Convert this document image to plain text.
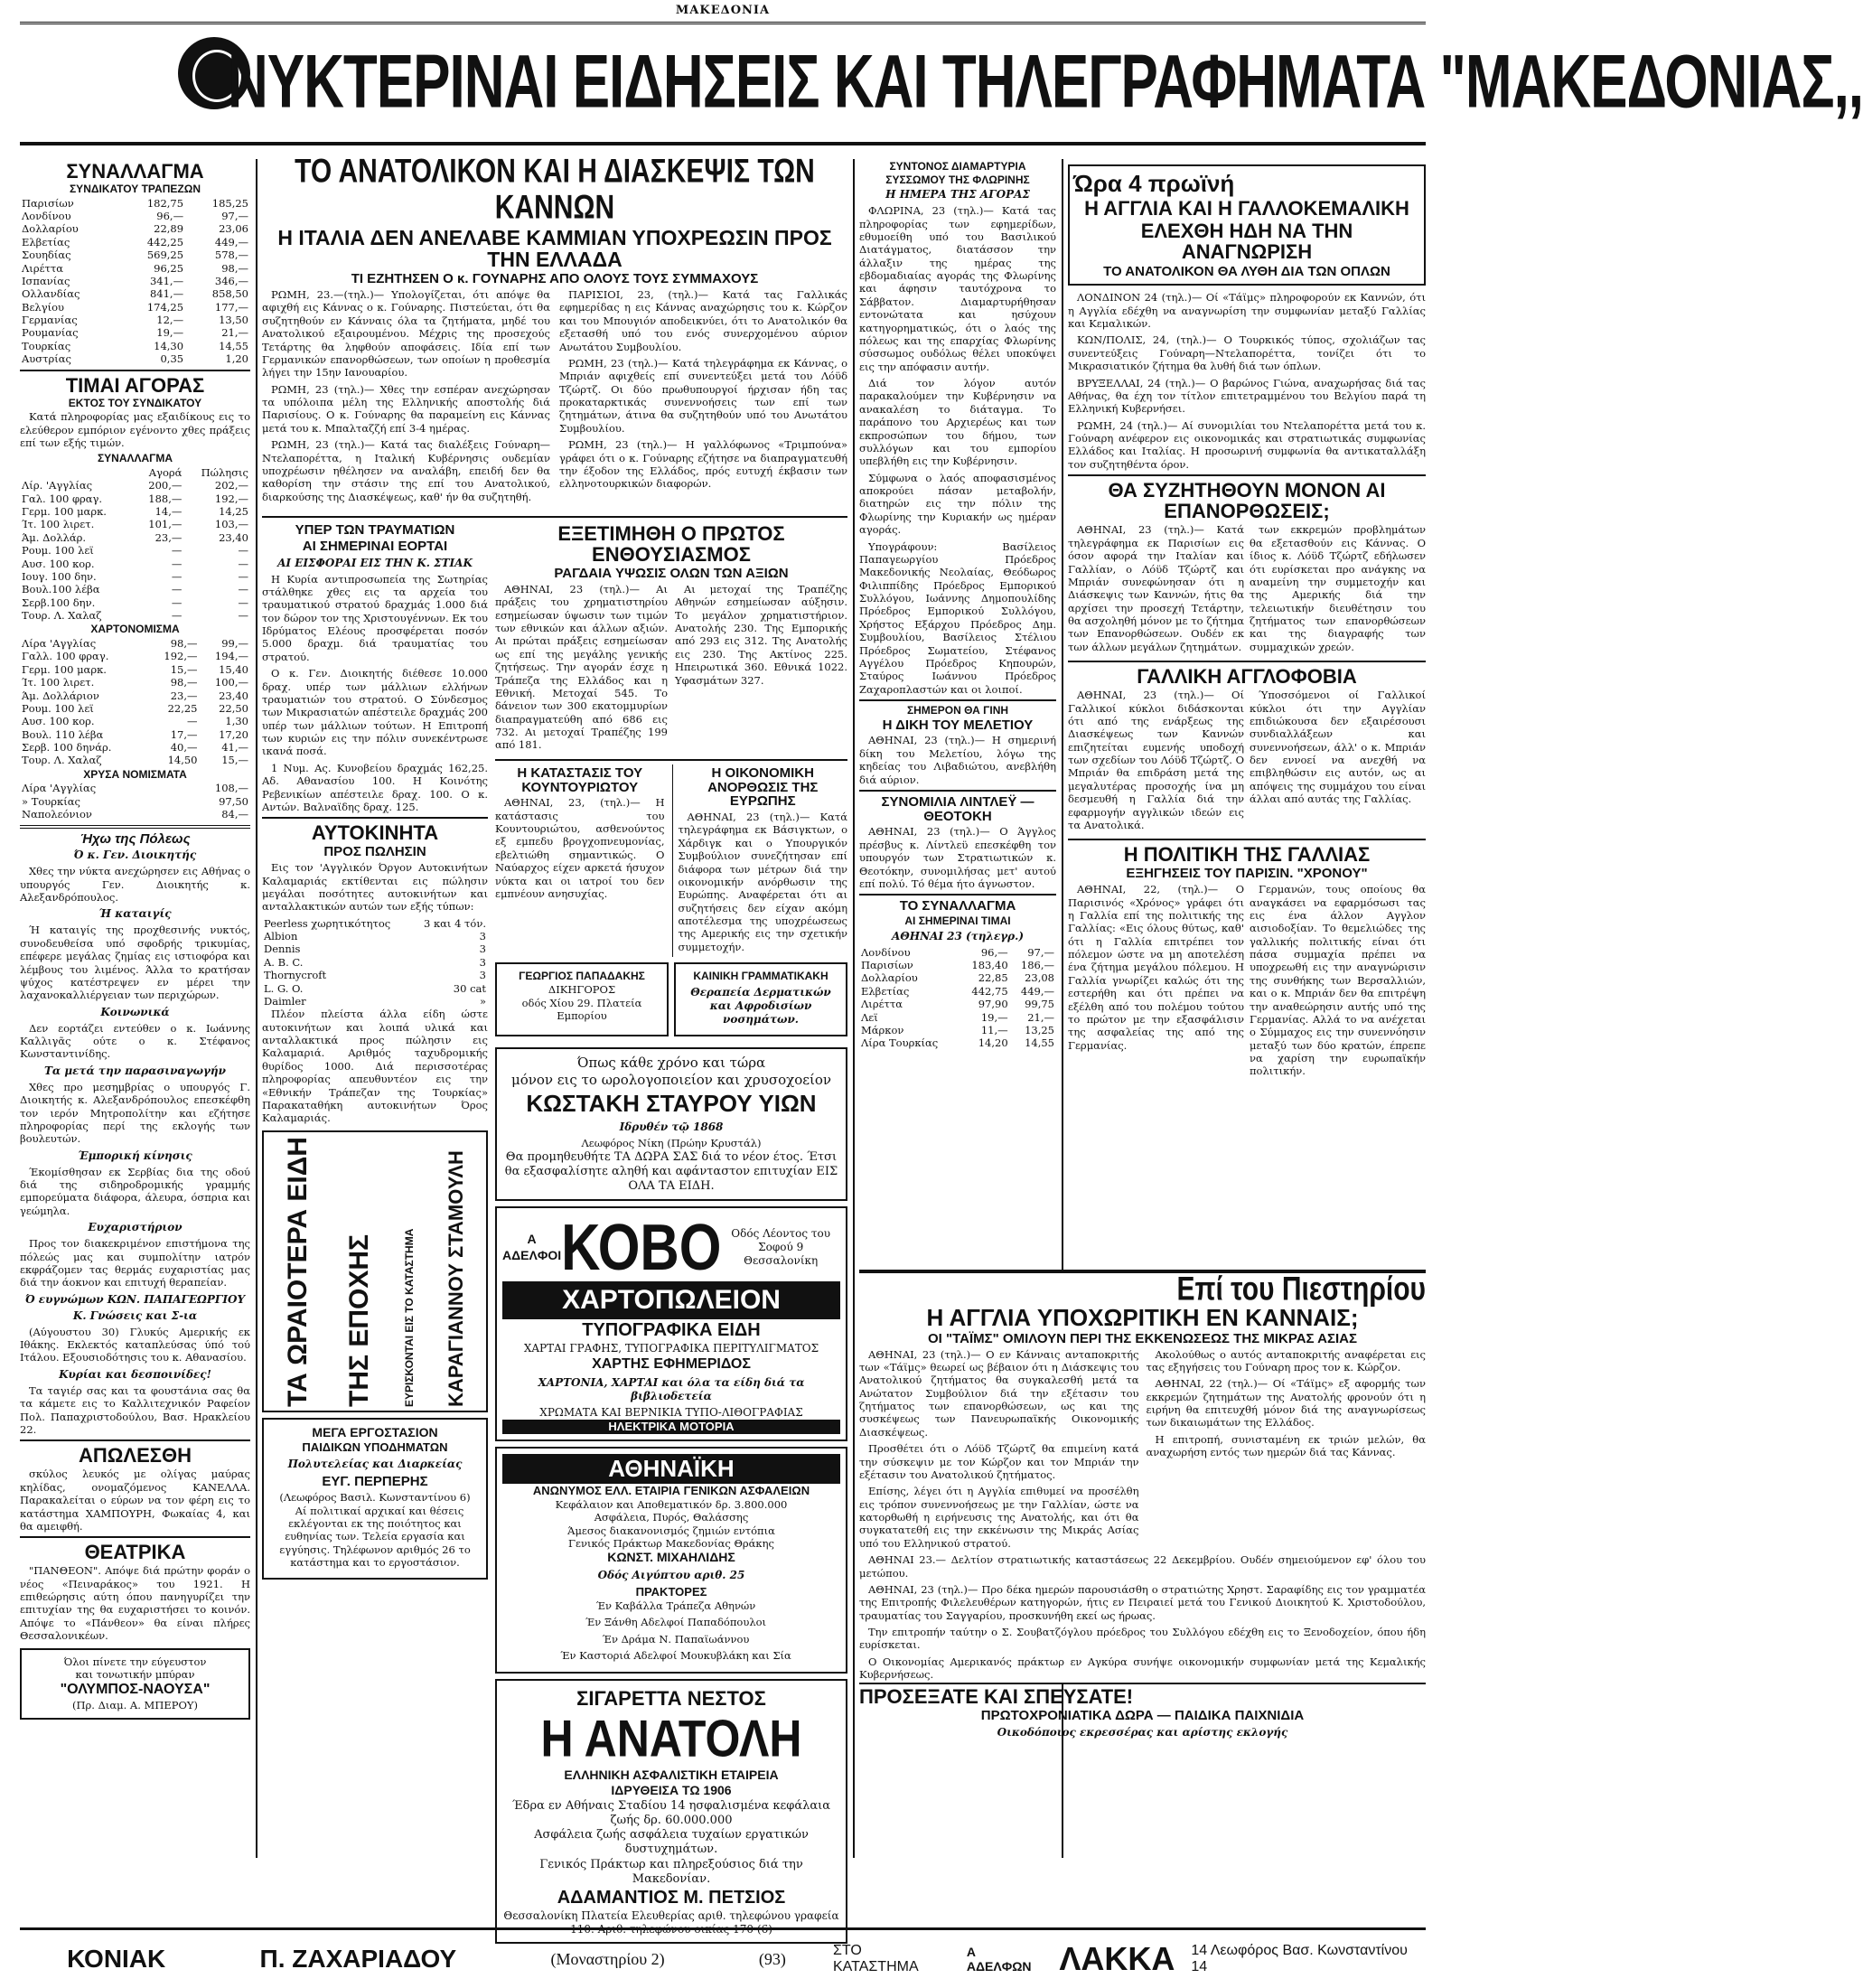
ΜΑΚΕΔΟΝΙΑ
ΝΥΚΤΕΡΙΝΑΙ ΕΙΔΗΣΕΙΣ ΚΑΙ ΤΗΛΕΓΡΑΦΗΜΑΤΑ "ΜΑΚΕΔΟΝΙΑΣ,,
ΣΥΝΑΛΛΑΓΜΑ
ΣΥΝΔΙΚΑΤΟΥ ΤΡΑΠΕΖΩΝ
Παρισίων	182,75	185,25
Λονδίνου	96,—	97,—
Δολλαρίου	22,89	23,06
Ελβετίας	442,25	449,—
Σουηδίας	569,25	578,—
Λιρέττα	96,25	98,—
Ισπανίας	341,—	346,—
Ολλανδίας	841,—	858,50
Βελγίου	174,25	177,—
Γερμανίας	12,—	13,50
Ρουμανίας	19,—	21,—
Τουρκίας	14,30	14,55
Αυστρίας	0,35	1,20
ΤΙΜΑΙ ΑΓΟΡΑΣ
ΕΚΤΟΣ ΤΟΥ ΣΥΝΔΙΚΑΤΟΥ

Κατά πληροφορίας μας εξαιδίκους εις το ελεύθερον εμπόριον εγένοντο χθες πράξεις επί των εξής τιμών.

ΣΥΝΑΛΛΑΓΜΑ
	Αγορά	Πώλησις
Λίρ. 'Αγγλίας	200,—	202,—
Γαλ. 100 φραγ.	188,—	192,—
Γερμ. 100 μαρκ.	14,—	14,25
Ίτ. 100 λιρετ.	101,—	103,—
Άμ. Δολλάρ.	23,—	23,40
Ρουμ. 100 λεϊ	—	—
Αυσ. 100 κορ.	—	—
Ιουγ. 100 δην.	—	—
Βουλ.100 λέβα	—	—
Σερβ.100 δην.	—	—
Τουρ. Λ. Χαλαζ	—	—
ΧΑΡΤΟΝΟΜΙΣΜΑ
Λίρα 'Αγγλίας	98,—	99,—
Γαλλ. 100 φραγ.	192,—	194,—
Γερμ. 100 μαρκ.	15,—	15,40
Ίτ. 100 λιρετ.	98,—	100,—
Άμ. Δολλάριον	23,—	23,40
Ρουμ. 100 λεϊ	22,25	22,50
Αυσ. 100 κορ.	—	1,30
Βουλ. 110 λέβα	17,—	17,20
Σερβ. 100 δηνάρ.	40,—	41,—
Τουρ. Λ. Χαλαζ	14,50	15,—
ΧΡΥΣΑ ΝΟΜΙΣΜΑΤΑ
Λίρα 'Αγγλίας	108,—
» Τουρκίας	97,50
Ναπολεόνιον	84,—
Ήχω της Πόλεως
Ό κ. Γεν. Διοικητής

Χθες την νύκτα ανεχώρησεν εις Αθήνας ο υπουργός Γεν. Διοικητής κ. Αλεξανδρόπουλος.

Ή καταιγίς

Ή καταιγίς της προχθεσινής νυκτός, συνοδευθείσα υπό σφοδρής τρικυμίας, επέφερε μεγάλας ζημίας εις ιστιοφόρα και λέμβους του λιμένος. Άλλα το κρατήσαν ψύχος κατέστρεψεν εν μέρει την λαχανοκαλλιέργειαν των περιχώρων.

Κοινωνικά

Δεν εορτάζει εντεύθεν ο κ. Ιωάννης Καλλιγᾶς ούτε ο κ. Στέφανος Κωνσταντινίδης.

Τα μετά την παρασιναγωγήν

Χθες προ μεσημβρίας ο υπουργός Γ. Διοικητής κ. Αλεξανδρόπουλος επεσκέφθη τον ιερόν Μητροπολίτην και εζήτησε πληροφορίας περί της εκλογής των βουλευτών.

Έμπορική κίνησις

Έκομίσθησαν εκ Σερβίας δια της οδού διά της σιδηροδρομικής γραμμής εμπορεύματα διάφορα, άλευρα, όσπρια και γεώμηλα.

Ευχαριστήριον

Προς τον διακεκριμένον επιστήμονα της πόλεώς μας και συμπολίτην ιατρόν εκφράζομεν τας θερμάς ευχαριστίας μας διά την άοκνον και επιτυχή θεραπείαν.

Ό ευγνώμων ΚΩΝ. ΠΑΠΑΓΕΩΡΓΙΟΥ
Κ. Γνώσεις και Σ-ια

(Αύγουστου 30) Γλυκύς Αμερικής εκ Ιθάκης. Εκλεκτός καταπλεύσας ύπό τού Ιτάλου. Εξουσιοδότησις του κ. Αθανασίου.

Κυρίαι και δεσποινίδες!

Τα ταγιέρ σας και τα φουστάνια σας θα τα κάμετε εις το Καλλιτεχνικόν Ραφείον Πολ. Παπαχριστοδούλου, Βασ. Ηρακλείου 22.

ΑΠΩΛΕΣΘΗ

σκύλος λευκός με ολίγας μαύρας κηλίδας, ονομαζόμενος ΚΑΝΕΛΛΑ. Παρακαλείται ο εύρων να τον φέρη εις το κατάστημα ΧΑΜΠΟΥΡΗ, Φωκαίας 4, και θα αμειφθή.

ΘΕΑΤΡΙΚΑ

"ΠΑΝΘΕΟΝ". Απόψε διά πρώτην φοράν ο νέος «Πειναράκος» του 1921. Η επιθεώρησις αύτη όπου πανηγυρίζει την επιτυχίαν της θα ευχαριστήσει το κοινόν. Απόψε το «Πάνθεον» θα είναι πλήρες Θεσσαλονικέων.

Όλοι πίνετε την εύγευστον
και τονωτικήν μπύραν
"ΟΛΥΜΠΟΣ-ΝΑΟΥΣΑ"
(Πρ. Διαμ. Α. ΜΠΕΡΟΥ)
ΤΟ ΑΝΑΤΟΛΙΚΟΝ ΚΑΙ Η ΔΙΑΣΚΕΨΙΣ ΤΩΝ ΚΑΝΝΩΝ
Η ΙΤΑΛΙΑ ΔΕΝ ΑΝΕΛΑΒΕ ΚΑΜΜΙΑΝ ΥΠΟΧΡΕΩΣΙΝ ΠΡΟΣ ΤΗΝ ΕΛΛΑΔΑ
ΤΙ ΕΖΗΤΗΣΕΝ Ο κ. ΓΟΥΝΑΡΗΣ ΑΠΟ ΟΛΟΥΣ ΤΟΥΣ ΣΥΜΜΑΧΟΥΣ

ΡΩΜΗ, 23.—(τηλ.)— Υπολογίζεται, ότι απόψε θα αφιχθή εις Κάννας ο κ. Γούναρης. Πιστεύεται, ότι θα συζητηθούν εν Κάνναις όλα τα ζητήματα, μηδέ του Ανατολικού εξαιρουμένου. Μέχρις της προσεχούς Τετάρτης θα ληφθούν αποφάσεις. Ιδία επί των Γερμανικών επανορθώσεων, των οποίων η προθεσμία λήγει την 15ην Ιανουαρίου.

ΡΩΜΗ, 23 (τηλ.)— Χθες την εσπέραν ανεχώρησαν τα υπόλοιπα μέλη της Ελληνικής αποστολής διά Παρισίους. Ο κ. Γούναρης θα παραμείνη εις Κάννας μετά του κ. Μπαλταζζή επί 3-4 ημέρας.

ΡΩΜΗ, 23 (τηλ.)— Κατά τας διαλέξεις Γούναρη—Ντελαπορέττα, η Ιταλική Κυβέρνησις ουδεμίαν υποχρέωσιν ηθέλησεν να αναλάβη, επειδή δεν θα καθορίση την στάσιν της επί του Ανατολικού, διαρκούσης της Διασκέψεως, καθ' ήν θα συζητηθή.

ΠΑΡΙΣΙΟΙ, 23, (τηλ.)— Κατά τας Γαλλικάς εφημερίδας η εις Κάννας αναχώρησις του κ. Κώρζον και του Μπουγιόν αποδεικνύει, ότι το Ανατολικόν θα εξετασθή υπό του ενός συνερχομένου αύριον Ανωτάτου Συμβουλίου.

ΡΩΜΗ, 23 (τηλ.)— Κατά τηλεγράφημα εκ Κάννας, ο Μπριάν αφιχθείς επί συνεντεύξει μετά του Λόϋδ Τζώρτζ. Οι δύο πρωθυπουργοί ήρχισαν ήδη τας προκαταρκτικάς συνεννοήσεις των επί των ζητημάτων, άτινα θα συζητηθούν υπό του Ανωτάτου Συμβουλίου.

ΡΩΜΗ, 23 (τηλ.)— Η γαλλόφωνος «Τριμπούνα» γράφει ότι ο κ. Γούναρης εζήτησε να διαπραγματευθή την έξοδον της Ελλάδος, πρός ευτυχή έκβασιν των ελληνοτουρκικών διαφορών.

ΥΠΕΡ ΤΩΝ ΤΡΑΥΜΑΤΙΩΝ
ΑΙ ΣΗΜΕΡΙΝΑΙ ΕΟΡΤΑΙ
ΑΙ ΕΙΣΦΟΡΑΙ ΕΙΣ ΤΗΝ Κ. ΣΤΙΑΚ

Η Κυρία αντιπροσωπεία της Σωτηρίας στάλθηκε χθες εις τα αρχεία του τραυματικού στρατού δραχμάς 1.000 διά τον δώρον τον της Χριστουγέννων. Εκ του Ιδρύματος Ελέους προσφέρεται ποσόν 5.000 δραχμ. διά τραυματίας του στρατού.

Ο κ. Γεν. Διοικητής διέθεσε 10.000 δραχ. υπέρ των μάλλιων ελλήνων τραυματιών του στρατού. Ο Σύνδεσμος των Μικρασιατών απέστειλε δραχμάς 200 υπέρ των μάλλιων τούτων. Η Επιτροπή των κυριών εις την πόλιν συνεκέντρωσε ικανά ποσά.

1 Νυμ. Ας. Κυνοβείου δραχμάς 162,25. Αδ. Αθανασίου 100. Η Κοινότης Ρεβενικίων απέστειλε δραχ. 100. Ο κ. Αντών. Βαλναϊδης δραχ. 125.

ΑΥΤΟΚΙΝΗΤΑ
ΠΡΟΣ ΠΩΛΗΣΙΝ

Εις τον 'Αγγλικόν Όργον Αυτοκινήτων Καλαμαριάς εκτίθενται εις πώλησιν μεγάλαι ποσότητες αυτοκινήτων και ανταλλακτικών αυτών των εξής τύπων:

Peerless χωρητικότητος	3 και 4 τόν.
Albion	3
Dennis	3
A. B. C.	3
Thornycroft	3
L. G. O.	30 cat
Daimler	»

Πλέον πλείστα άλλα είδη ώστε αυτοκινήτων και λοιπά υλικά και ανταλλακτικά προς πώλησιν εις Καλαμαριά. Αριθμός ταχυδρομικής θυρίδος 1000. Διά περισσοτέρας πληροφορίας απευθυντέον εις την «Εθνικήν Τράπεζαν της Τουρκίας» Παρακαταθήκη αυτοκινήτων Όρος Καλαμαριάς.

ΤΑ ΩΡΑΙΟΤΕΡΑ ΕΙΔΗ ΤΗΣ ΕΠΟΧΗΣ	ΕΥΡΙΣΚΟΝΤΑΙ ΕΙΣ ΤΟ ΚΑΤΑΣΤΗΜΑ ΚΑΡΑΓΙΑΝΝΟΥ ΣΤΑΜΟΥΛΗ
ΜΕΓΑ ΕΡΓΟΣΤΑΣΙΟΝ
ΠΑΙΔΙΚΩΝ ΥΠΟΔΗΜΑΤΩΝ
Πολυτελείας και Διαρκείας
ΕΥΓ. ΠΕΡΠΕΡΗΣ
(Λεωφόρος Βασιλ. Κωνσταντίνου 6)

Αί πολιτικαί αρχικαί και θέσεις εκλέγονται εκ της ποιότητος και ευθηνίας των. Τελεία εργασία και εγγύησις. Τηλέφωνον αριθμός 26 το κατάστημα και το εργοστάσιον.

ΕΞΕΤΙΜΗΘΗ Ο ΠΡΩΤΟΣ ΕΝΘΟΥΣΙΑΣΜΟΣ
ΡΑΓΔΑΙΑ ΥΨΩΣΙΣ ΟΛΩΝ ΤΩΝ ΑΞΙΩΝ

ΑΘΗΝΑΙ, 23 (τηλ.)— Αι πράξεις του χρηματιστηρίου εσημείωσαν ύψωσιν των τιμών των εθνικών και άλλων αξιών. Αι πρώται πράξεις εσημείωσαν ως επί της μεγάλης γενικής ζητήσεως. Την αγοράν έσχε η Τράπεζα της Ελλάδος και η Εθνική. Μετοχαί 545. Το δάνειον των 300 εκατομμυρίων διαπραγματεύθη από 686 εις 732. Αι μετοχαί Τραπέζης 199 από 181.

Αι μετοχαί της Τραπέζης Αθηνών εσημείωσαν αύξησιν. Το μεγάλον χρηματιστήριον. Ανατολής 230. Της Εμπορικής από 293 εις 312. Της Ανατολής εις 230. Της Ακτίνος 225. Ηπειρωτικά 360. Εθνικά 1022. Υφασμάτων 327.

Η ΚΑΤΑΣΤΑΣΙΣ ΤΟΥ ΚΟΥΝΤΟΥΡΙΩΤΟΥ

ΑΘΗΝΑΙ, 23, (τηλ.)— Η κατάστασις του Κουντουριώτου, ασθενούντος εξ εμπεδυ βρογχοπνευμονίας, εβελτιώθη σημαντικώς. Ο Ναύαρχος είχεν αρκετά ήσυχον νύκτα και οι ιατροί του δεν εμπνέουν ανησυχίας.

Η ΟΙΚΟΝΟΜΙΚΗ ΑΝΟΡΘΩΣΙΣ ΤΗΣ ΕΥΡΩΠΗΣ

ΑΘΗΝΑΙ, 23 (τηλ.)— Κατά τηλεγράφημα εκ Βάσιγκτων, ο Χάρδιγκ και ο Υπουργικόν Συμβούλιον συνεζήτησαν επί διάφορα των μέτρων διά την οικονομικήν ανόρθωσιν της Ευρώπης. Αναφέρεται ότι αι συζητήσεις δεν είχαν ακόμη αποτέλεσμα της υποχρέωσεως της Αμερικής εις την σχετικήν συμμετοχήν.

ΓΕΩΡΓΙΟΣ ΠΑΠΑΔΑΚΗΣ
ΔΙΚΗΓΟΡΟΣ
οδός Χίου 29. Πλατεία Εμπορίου
ΚΑΙΝΙΚΗ ΓΡΑΜΜΑΤΙΚΑΚΗ
Θεραπεία Δερματικών και Αφροδισίων νοσημάτων.
Όπως κάθε χρόνο και τώρα
μόνον εις το ωρολογοποιείον και χρυσοχοείον
ΚΩΣΤΑΚΗ ΣΤΑΥΡΟΥ ΥΙΩΝ
Ιδρυθέν τῷ 1868
Λεωφόρος Νίκη (Πρώην Κρυστάλ)
Θα προμηθευθήτε ΤΑ ΔΩΡΑ ΣΑΣ διά το νέον έτος. Έτσι θα εξασφαλίσητε αληθή και αφάνταστον επιτυχίαν ΕΙΣ ΟΛΑ ΤΑ ΕΙΔΗ.
Α ΑΔΕΛΦΟΙ ΚΟΒΟ Οδός Λέοντος του Σοφού 9
Θεσσαλονίκη
ΧΑΡΤΟΠΩΛΕΙΟΝ
ΤΥΠΟΓΡΑΦΙΚΑ ΕΙΔΗ
ΧΑΡΤΑΙ ΓΡΑΦΗΣ, ΤΥΠΟΓΡΑΦΙΚΑ ΠΕΡΙΤΥΛΙΓΜΑΤΟΣ
ΧΑΡΤΗΣ ΕΦΗΜΕΡΙΔΟΣ
ΧΑΡΤΟΝΙΑ, ΧΑΡΤΑΙ και όλα τα είδη διά τα βιβλιοδετεία
ΧΡΩΜΑΤΑ ΚΑΙ ΒΕΡΝΙΚΙΑ ΤΥΠΟ-ΛΙΘΟΓΡΑΦΙΑΣ
ΗΛΕΚΤΡΙΚΑ ΜΟΤΟΡΙΑ
ΑΘΗΝΑΪΚΗ
ΑΝΩΝΥΜΟΣ ΕΛΛ. ΕΤΑΙΡΙΑ ΓΕΝΙΚΩΝ ΑΣΦΑΛΕΙΩΝ
Κεφάλαιον και Αποθεματικόν δρ. 3.800.000
Ασφάλεια, Πυρός, Θαλάσσης
Άμεσος διακανονισμός ζημιών εντόπια
Γενικός Πράκτωρ Μακεδονίας Θράκης
ΚΩΝΣΤ. ΜΙΧΑΗΛΙΔΗΣ
Οδός Αιγύπτου αριθ. 25
ΠΡΑΚΤΟΡΕΣ

Έν Καβάλλα Τράπεζα Αθηνών

Έν Ξάνθη Αδελφοί Παπαδόπουλοι

Έν Δράμα Ν. Παπαϊωάννου

Έν Καστοριά Αδελφοί Μουκυβλάκη και Σία

ΣΙΓΑΡΕΤΤΑ ΝΕΣΤΟΣ
Η ΑΝΑΤΟΛΗ
ΕΛΛΗΝΙΚΗ ΑΣΦΑΛΙΣΤΙΚΗ ΕΤΑΙΡΕΙΑ
ΙΔΡΥΘΕΙΣΑ ΤΩ 1906
Έδρα εν Αθήναις Σταδίου 14 ησφαλισμένα κεφάλαια ζωής δρ. 60.000.000
Ασφάλεια ζωής ασφάλεια τυχαίων εργατικών δυστυχημάτων.
Γενικός Πράκτωρ και πληρεξούσιος διά την Μακεδονίαν.
ΑΔΑΜΑΝΤΙΟΣ Μ. ΠΕΤΣΙΟΣ
Θεσσαλονίκη Πλατεία Ελευθερίας αριθ. τηλεφώνου γραφεία 110. Αριθ. τηλεφώνου οικίας 170 (6)
ΣΥΝΤΟΝΟΣ ΔΙΑΜΑΡΤΥΡΙΑ
ΣΥΣΣΩΜΟΥ ΤΗΣ ΦΛΩΡΙΝΗΣ
Η ΗΜΕΡΑ ΤΗΣ ΑΓΟΡΑΣ

ΦΛΩΡΙΝΑ, 23 (τηλ.)— Κατά τας πληροφορίας των εφημερίδων, εθυμοείθη υπό του Βασιλικού Διατάγματος, διατάσσον την άλλαξιν της ημέρας της εβδομαδιαίας αγοράς της Φλωρίνης και άφησιν ταυτόχρονα το Σάββατον. Διαμαρτυρήθησαν εντονώτατα και ησύχουν κατηγορηματικώς, ότι ο λαός της πόλεως και της επαρχίας Φλωρίνης σύσσωμος ουδόλως θέλει υποκύψει εις την απόφασιν αυτήν.

Διά τον λόγον αυτόν παρακαλούμεν την Κυβέρνησιν να ανακαλέση το διάταγμα. Το παράπονο του Αρχιερέως και των εκπροσώπων του δήμου, των συλλόγων και του εμπορίου υπεβλήθη εις την Κυβέρνησιν.

Σύμφωνα ο λαός αποφασισμένος αποκρούει πάσαν μεταβολήν, διατηρών εις την πόλιν της Φλωρίνης την Κυριακήν ως ημέραν αγοράς.

Υπογράφουν: Βασίλειος Παπαγεωργίου Πρόεδρος Μακεδονικής Νεολαίας, Θεόδωρος Φιλιππίδης Πρόεδρος Εμπορικού Συλλόγου, Ιωάννης Δημοπουλίδης Πρόεδρος Εμπορικού Συλλόγου, Χρήστος Εξάρχου Πρόεδρος Δημ. Συμβουλίου, Βασίλειος Στέλιου Πρόεδρος Σωματείου, Στέφανος Αγγέλου Πρόεδρος Κηπουρών, Σταύρος Ιωάννου Πρόεδρος Ζαχαροπλαστών και οι λοιποί.

ΣΗΜΕΡΟΝ ΘΑ ΓΙΝΗ
Η ΔΙΚΗ ΤΟΥ ΜΕΛΕΤΙΟΥ

ΑΘΗΝΑΙ, 23 (τηλ.)— Η σημερινή δίκη του Μελετίου, λόγω της κηδείας του Λιβαδιώτου, ανεβλήθη διά αύριον.

ΣΥΝΟΜΙΛΙΑ ΛΙΝΤΛΕΫ — ΘΕΟΤΟΚΗ

ΑΘΗΝΑΙ, 23 (τηλ.)— Ο Άγγλος πρέσβυς κ. Λίντλεϋ επεσκέφθη τον υπουργόν των Στρατιωτικών κ. Θεοτόκην, συνομιλήσας μετ' αυτού επί πολύ. Τό θέμα ήτο άγνωστον.

ΤΟ ΣΥΝΑΛΛΑΓΜΑ
ΑΙ ΣΗΜΕΡΙΝΑΙ ΤΙΜΑΙ
ΑΘΗΝΑΙ 23 (τηλεγρ.)
Λονδίνου	96,—	97,—
Παρισίων	183,40	186,—
Δολλαρίου	22,85	23,08
Ελβετίας	442,75	449,—
Λιρέττα	97,90	99,75
Λεϊ	19,—	21,—
Μάρκον	11,—	13,25
Λίρα Τουρκίας	14,20	14,55
Ώρα 4 πρωϊνή
Η ΑΓΓΛΙΑ ΚΑΙ Η ΓΑΛΛΟΚΕΜΑΛΙΚΗ
ΕΛΕΧΘΗ ΗΔΗ ΝΑ ΤΗΝ ΑΝΑΓΝΩΡΙΣΗ
ΤΟ ΑΝΑΤΟΛΙΚΟΝ ΘΑ ΛΥΘΗ ΔΙΑ ΤΩΝ ΟΠΛΩΝ

ΛΟΝΔΙΝΟΝ 24 (τηλ.)— Οί «Τάϊμς» πληροφορούν εκ Καννών, ότι η Αγγλία εδέχθη να αναγνωρίση την συμφωνίαν μεταξύ Γαλλίας και Κεμαλικών.

ΚΩΝ/ΠΟΛΙΣ, 24, (τηλ.)— Ο Τουρκικός τύπος, σχολιάζων τας συνεντεύξεις Γούναρη—Ντελαπορέττα, τονίζει ότι το Μικρασιατικόν ζήτημα θα λυθή διά των όπλων.

ΒΡΥΞΕΛΛΑΙ, 24 (τηλ.)— Ο βαρώνος Γιώνα, αναχωρήσας διά τας Αθήνας, θα έχη τον τίτλον επιτετραμμένου του Βελγίου παρά τη Ελληνική Κυβερνήσει.

ΡΩΜΗ, 24 (τηλ.)— Αί συνομιλίαι του Ντελαπορέττα μετά του κ. Γούναρη ανέφερον εις οικονομικάς και στρατιωτικάς συμφωνίας Ελλάδος και Ιταλίας. Η προσωρινή συμφωνία θα αντικαταλλάξη τον συζητηθέντα όρον.

ΘΑ ΣΥΖΗΤΗΘΟΥΝ ΜΟΝΟΝ ΑΙ ΕΠΑΝΟΡΘΩΣΕΙΣ;

ΑΘΗΝΑΙ, 23 (τηλ.)— Κατά τηλεγράφημα εκ Παρισίων εις όσον αφορά την Ιταλίαν και Γαλλίαν, ο Λόϋδ Τζώρτζ και Μπριάν συνεφώνησαν ότι η Διάσκεψις των Καννών, ήτις θα αρχίσει την προσεχή Τετάρτην, θα ασχοληθή μόνον με το ζήτημα των Επανορθώσεων. Ουδέν εκ των άλλων μεγάλων ζητημάτων.

των εκκρεμών προβλημάτων θα εξετασθούν εις Κάννας. Ο ίδιος κ. Λόϋδ Τζώρτζ εδήλωσεν ότι ευρίσκεται προ ανάγκης να αναμείνη την συμμετοχήν και της Αμερικής διά την τελειωτικήν διευθέτησιν του ζητήματος των επανορθώσεων και της διαγραφής των συμμαχικών χρεών.

ΓΑΛΛΙΚΗ ΑΓΓΛΟΦΟΒΙΑ

ΑΘΗΝΑΙ, 23 (τηλ.)— Οί Γαλλικοί κύκλοι διδάσκονται ότι από της ενάρξεως της Διασκέψεως των Καννών επιζητείται ευμενής υποδοχή των σχεδίων του Λόϋδ Τζώρτζ. Ο Μπριάν θα επιδράση μετά της μεγαλυτέρας προσοχής ίνα μη δεσμευθή η Γαλλία διά την εφαρμογήν αγγλικών ιδεών εις τα Ανατολικά.

Ύποσσόμενοι οί Γαλλικοί κύκλοι ότι την Αγγλίαν επιδιώκουσα δεν εξαιρέσουσι συνδιαλλάξεων και συνεννοήσεων, άλλ' ο κ. Μπριάν δεν εννοεί να ανεχθή να επιβληθώσιν εις αυτόν, ως αι απόψεις της συμμάχου του είναι άλλαι από αυτάς της Γαλλίας.

Η ΠΟΛΙΤΙΚΗ ΤΗΣ ΓΑΛΛΙΑΣ
ΕΞΗΓΗΣΕΙΣ ΤΟΥ ΠΑΡΙΣΙΝ. "ΧΡΟΝΟΥ"

ΑΘΗΝΑΙ, 22, (τηλ.)— Ο Παρισινός «Χρόνος» γράφει ότι η Γαλλία επί της πολιτικής της Γαλλίας: «Εις όλους θύτως, καθ' ότι η Γαλλία επιτρέπει τον πόλεμον ώστε να μη αποτελέση ένα ζήτημα μεγάλου πόλεμου. Η Γαλλία γνωρίζει καλώς ότι της εστερήθη και ότι πρέπει να εξέλθη από του πολέμου τούτου το πρώτον με την εξασφάλισιν της ασφαλείας της από της Γερμανίας.

Γερμανών, τους οποίους θα αναγκάσει να εφαρμόσωσι τας εις ένα άλλον Αγγλον αισιοδοξίαν. Το θεμελιώδες της γαλλικής πολιτικής είναι ότι πάσα συμμαχία πρέπει να υποχρεωθή εις την αναγνώρισιν της συνθήκης των Βερσαλλιών, και ο κ. Μπριάν δεν θα επιτρέψη την αναθεώρησιν αυτής υπό της Γερμανίας. Αλλά το να ανέχεται ο Σύμμαχος εις την συνεννόησιν μεταξύ των δύο κρατών, έπρεπε να χαρίση την ευρωπαϊκήν πολιτικήν.

Επί του Πιεστηρίου
Η ΑΓΓΛΙΑ ΥΠΟΧΩΡΙΤΙΚΗ ΕΝ ΚΑΝΝΑΙΣ;
ΟΙ "ΤΑΪΜΣ" ΟΜΙΛΟΥΝ ΠΕΡΙ ΤΗΣ ΕΚΚΕΝΩΣΕΩΣ ΤΗΣ ΜΙΚΡΑΣ ΑΣΙΑΣ

ΑΘΗΝΑΙ, 23 (τηλ.)— Ο εν Κάνναις ανταποκριτής των «Τάϊμς» θεωρεί ως βέβαιον ότι η Διάσκεψις του Ανατολικού ζητήματος θα συγκαλεσθή μετά τα Ανώτατον Συμβούλιον διά την εξέτασιν του ζητήματος των επανορθώσεων, ως και της συσκέψεως των Πανευρωπαϊκής Οικονομικής Διασκέψεως.

Προσθέτει ότι ο Λόϋδ Τζώρτζ θα επιμείνη κατά την σύσκεψιν με τον Κώρζον και τον Μπριάν την εξέτασιν του Ανατολικού ζητήματος.

Επίσης, λέγει ότι η Αγγλία επιθυμεί να προσέλθη εις τρόπον συνεννοήσεως με την Γαλλίαν, ώστε να κατορθωθή η ειρήνευσις της Ανατολής, και ότι θα συγκατατεθή εις την εκκένωσιν της Μικράς Ασίας υπό του Ελληνικού στρατού.

Ακολούθως ο αυτός ανταποκριτής αναφέρεται εις τας εξηγήσεις του Γούναρη προς τον κ. Κώρζον.

ΑΘΗΝΑΙ, 22 (τηλ.)— Οί «Τάϊμς» εξ αφορμής των εκκρεμών ζητημάτων της Ανατολής φρονούν ότι η ειρήνη θα επιτευχθή μόνον διά της αναγνωρίσεως των δικαιωμάτων της Ελλάδος.

Η επιτροπή, συνισταμένη εκ τριών μελών, θα αναχωρήση εντός των ημερών διά τας Κάννας.

ΑΘΗΝΑΙ 23.— Δελτίον στρατιωτικής καταστάσεως 22 Δεκεμβρίου. Ουδέν σημειούμενον εφ' όλου του μετώπου.

ΑΘΗΝΑΙ, 23 (τηλ.)— Προ δέκα ημερών παρουσιάσθη ο στρατιώτης Χρηστ. Σαραφίδης εις τον γραμματέα της Επιτροπής Φιλελευθέρων κατηγορών, ήτις εν Πειραιεί μετά του Γενικού Διοικητού Κ. Χριστοδούλου, τραυματίας του Σαγγαρίου, προσκυνήθη εκεί ως ήρωας.

Την επιτροπήν ταύτην ο Σ. Σουβατζόγλου πρόεδρος του Συλλόγου εδέχθη εις το Ξενοδοχείον, όπου ήδη ευρίσκεται.

Ο Οικονομίας Αμερικανός πράκτωρ εν Αγκύρα συνήψε οικονομικήν συμφωνίαν μετά της Κεμαλικής Κυβερνήσεως.

ΠΡΟΣΕΞΑΤΕ ΚΑΙ ΣΠΕΥΣΑΤΕ!
ΠΡΩΤΟΧΡΟΝΙΑΤΙΚΑ ΔΩΡΑ — ΠΑΙΔΙΚΑ ΠΑΙΧΝΙΔΙΑ
Οικοδόποιος εκρεσσέρας και αρίστης εκλογής
ΚΟΝΙΑΚ	Π. ΖΑΧΑΡΙΑΔΟΥ	(Μοναστηρίου 2)	(93)	ΣΤΟ ΚΑΤΑΣΤΗΜΑ
Α ΑΔΕΛΦΩΝ ΛΑΚΚΑ 14 Λεωφόρος Βασ. Κωνσταντίνου 14
